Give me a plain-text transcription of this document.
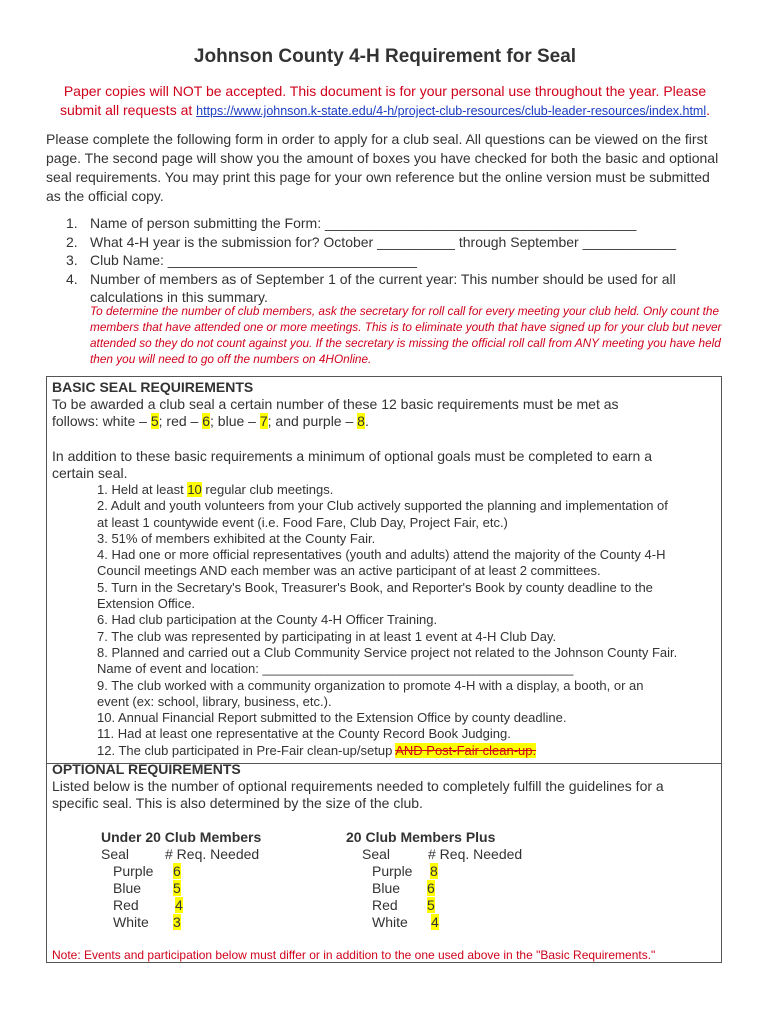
Johnson County 4-H Requirement for Seal
Paper copies will NOT be accepted. This document is for your personal use throughout the year. Please
submit all requests at https://www.johnson.k-state.edu/4-h/project-club-resources/club-leader-resources/index.html.
Please complete the following form in order to apply for a club seal. All questions can be viewed on the first page. The second page will show you the amount of boxes you have checked for both the basic and optional seal requirements. You may print this page for your own reference but the online version must be submitted as the official copy.
1. Name of person submitting the Form: ________________________________________
2. What 4-H year is the submission for? October __________ through September ____________
3. Club Name: ________________________________
4. Number of members as of September 1 of the current year: This number should be used for all calculations in this summary.
To determine the number of club members, ask the secretary for roll call for every meeting your club held. Only count the members that have attended one or more meetings. This is to eliminate youth that have signed up for your club but never attended so they do not count against you. If the secretary is missing the official roll call from ANY meeting you have held then you will need to go off the numbers on 4HOnline.
BASIC SEAL REQUIREMENTS
To be awarded a club seal a certain number of these 12 basic requirements must be met as
follows: white – 5; red – 6; blue – 7; and purple – 8.
In addition to these basic requirements a minimum of optional goals must be completed to earn a
certain seal.
1. Held at least 10 regular club meetings.
2. Adult and youth volunteers from your Club actively supported the planning and implementation of
at least 1 countywide event (i.e. Food Fare, Club Day, Project Fair, etc.)
3. 51% of members exhibited at the County Fair.
4. Had one or more official representatives (youth and adults) attend the majority of the County 4-H
Council meetings AND each member was an active participant of at least 2 committees.
5. Turn in the Secretary's Book, Treasurer's Book, and Reporter's Book by county deadline to the
Extension Office.
6. Had club participation at the County 4-H Officer Training.
7. The club was represented by participating in at least 1 event at 4-H Club Day.
8. Planned and carried out a Club Community Service project not related to the Johnson County Fair.
Name of event and location: ___________________________________________
9. The club worked with a community organization to promote 4-H with a display, a booth, or an
event (ex: school, library, business, etc.).
10. Annual Financial Report submitted to the Extension Office by county deadline.
11. Had at least one representative at the County Record Book Judging.
12. The club participated in Pre-Fair clean-up/setup AND Post-Fair clean-up.
OPTIONAL REQUIREMENTS
Listed below is the number of optional requirements needed to completely fulfill the guidelines for a
specific seal. This is also determined by the size of the club.
Under 20 Club Members
Seal	# Req. Needed
Purple 6
Blue 5
Red	4
White 3
20 Club Members Plus
Seal	# Req. Needed
Purple 8
Blue 6
Red 5
White 4
Note: Events and participation below must differ or in addition to the one used above in the "Basic Requirements."
